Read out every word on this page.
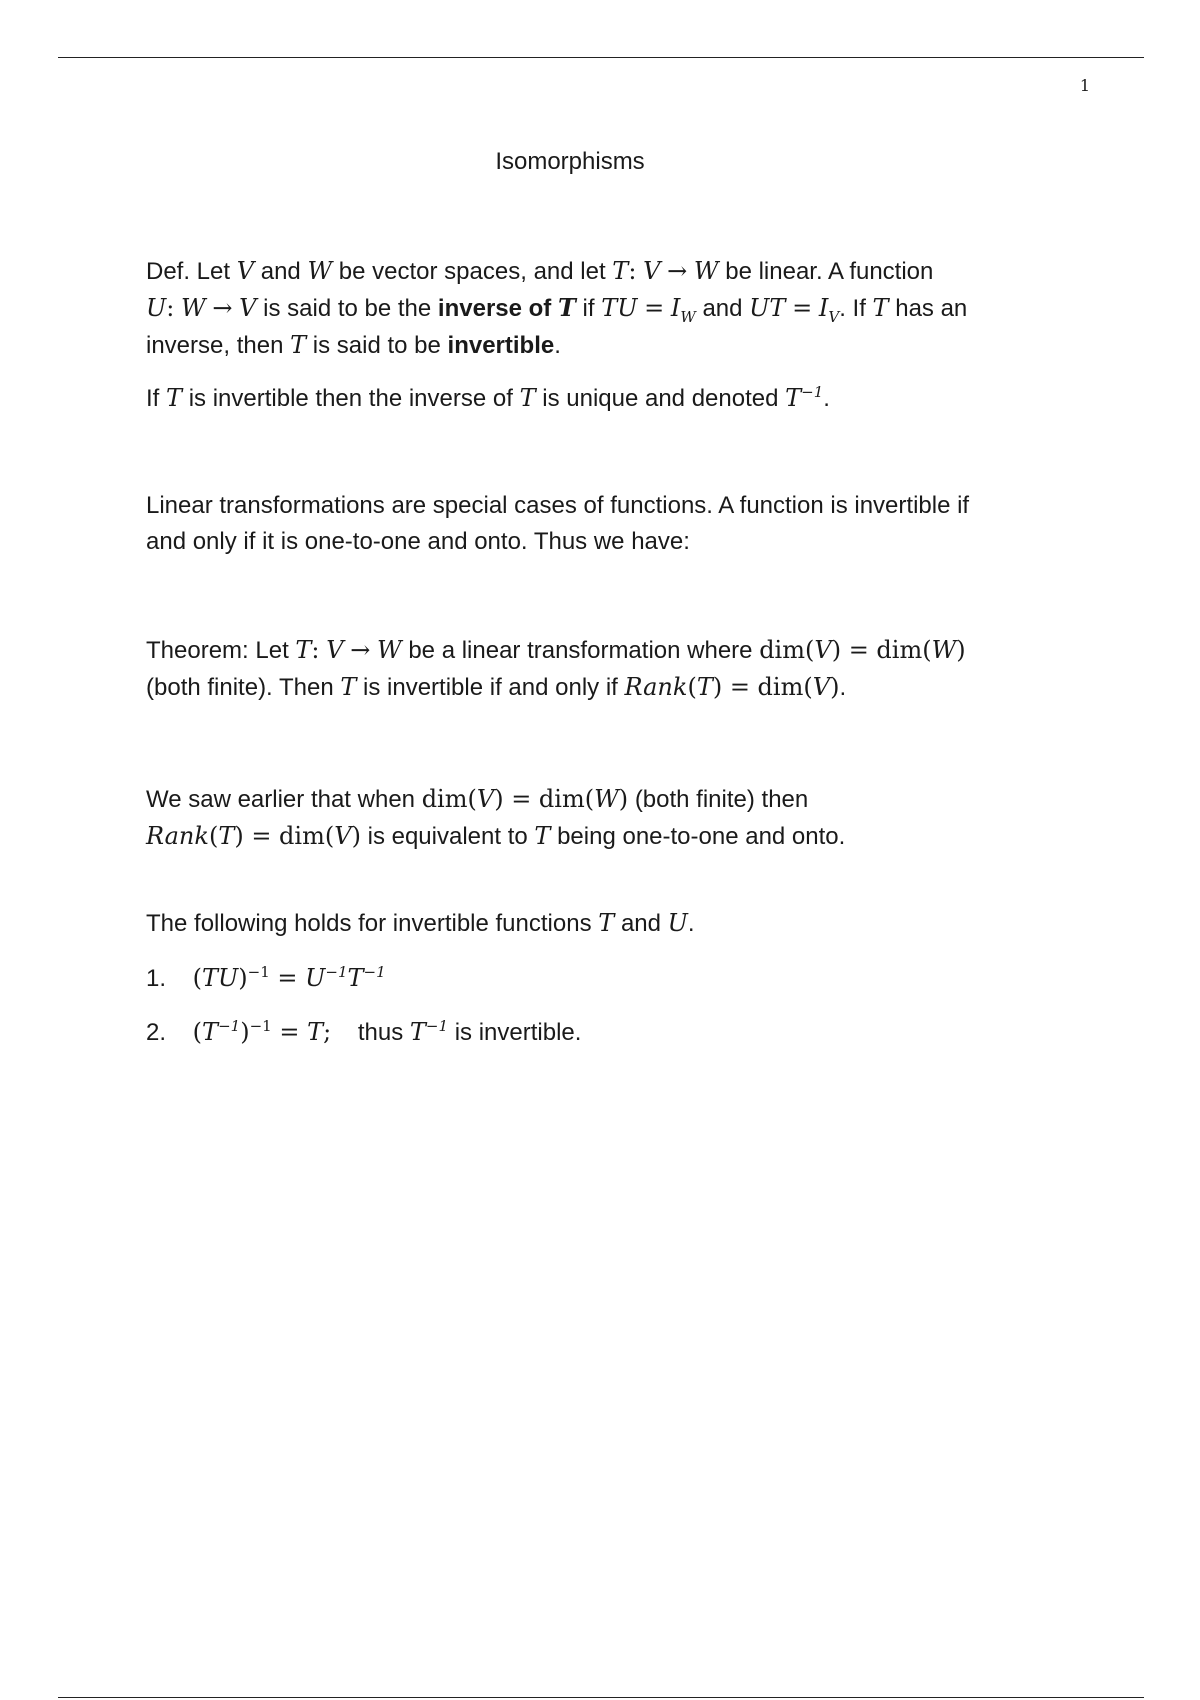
1
Isomorphisms
Def. Let V and W be vector spaces, and let T: V → W be linear. A function
U: W → V is said to be the inverse of T if TU = $I_W$ and UT = $I_V$. If T has an
inverse, then T is said to be invertible.
If T is invertible then the inverse of T is unique and denoted $T^{-1}$.
Linear transformations are special cases of functions. A function is invertible if
and only if it is one-to-one and onto. Thus we have:
Theorem: Let T: V → W be a linear transformation where dim(V) = dim(W)
(both finite). Then T is invertible if and only if Rank(T) = dim(V).
We saw earlier that when dim(V) = dim(W) (both finite) then
Rank(T) = dim(V) is equivalent to T being one-to-one and onto.
The following holds for invertible functions T and U.
1. $(TU)^{-1} = U^{-1}T^{-1}$
2. $(T^{-1})^{-1} = T$; thus $T^{-1}$ is invertible.
